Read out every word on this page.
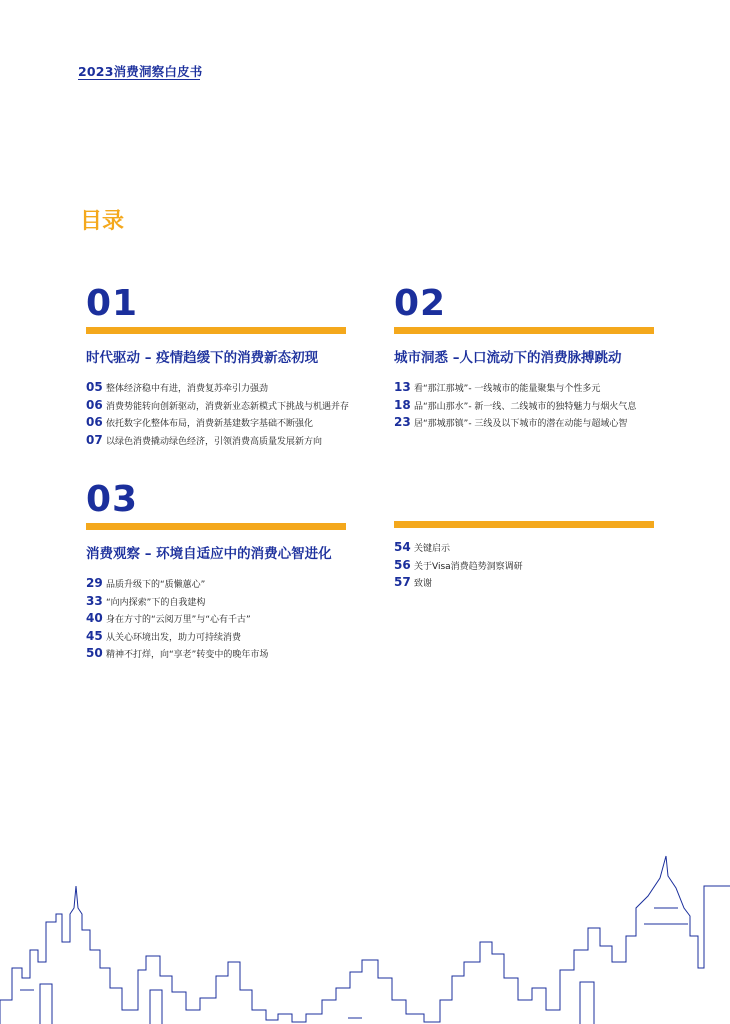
2023消费洞察白皮书
目录
01
时代驱动 – 疫情趋缓下的消费新态初现
05 整体经济稳中有进，消费复苏牵引力强劲
06 消费势能转向创新驱动，消费新业态新模式下挑战与机遇并存
06 依托数字化整体布局，消费新基建数字基础不断强化
07 以绿色消费撬动绿色经济，引领消费高质量发展新方向
02
城市洞悉 –人口流动下的消费脉搏跳动
13 看“那江那城”- 一线城市的能量聚集与个性多元
18 品“那山那水”- 新一线、二线城市的独特魅力与烟火气息
23 居“那城那镇”- 三线及以下城市的潜在动能与超域心智
03
消费观察 – 环境自适应中的消费心智进化
29 品质升级下的“质懒蕙心”
33 “向内探索”下的自我建构
40 身在方寸的“云阅万里”与“心有千古”
45 从关心环境出发，助力可持续消费
50 精神不打烊，向“享老”转变中的晚年市场
54 关键启示
56 关于Visa消费趋势洞察调研
57 致谢
